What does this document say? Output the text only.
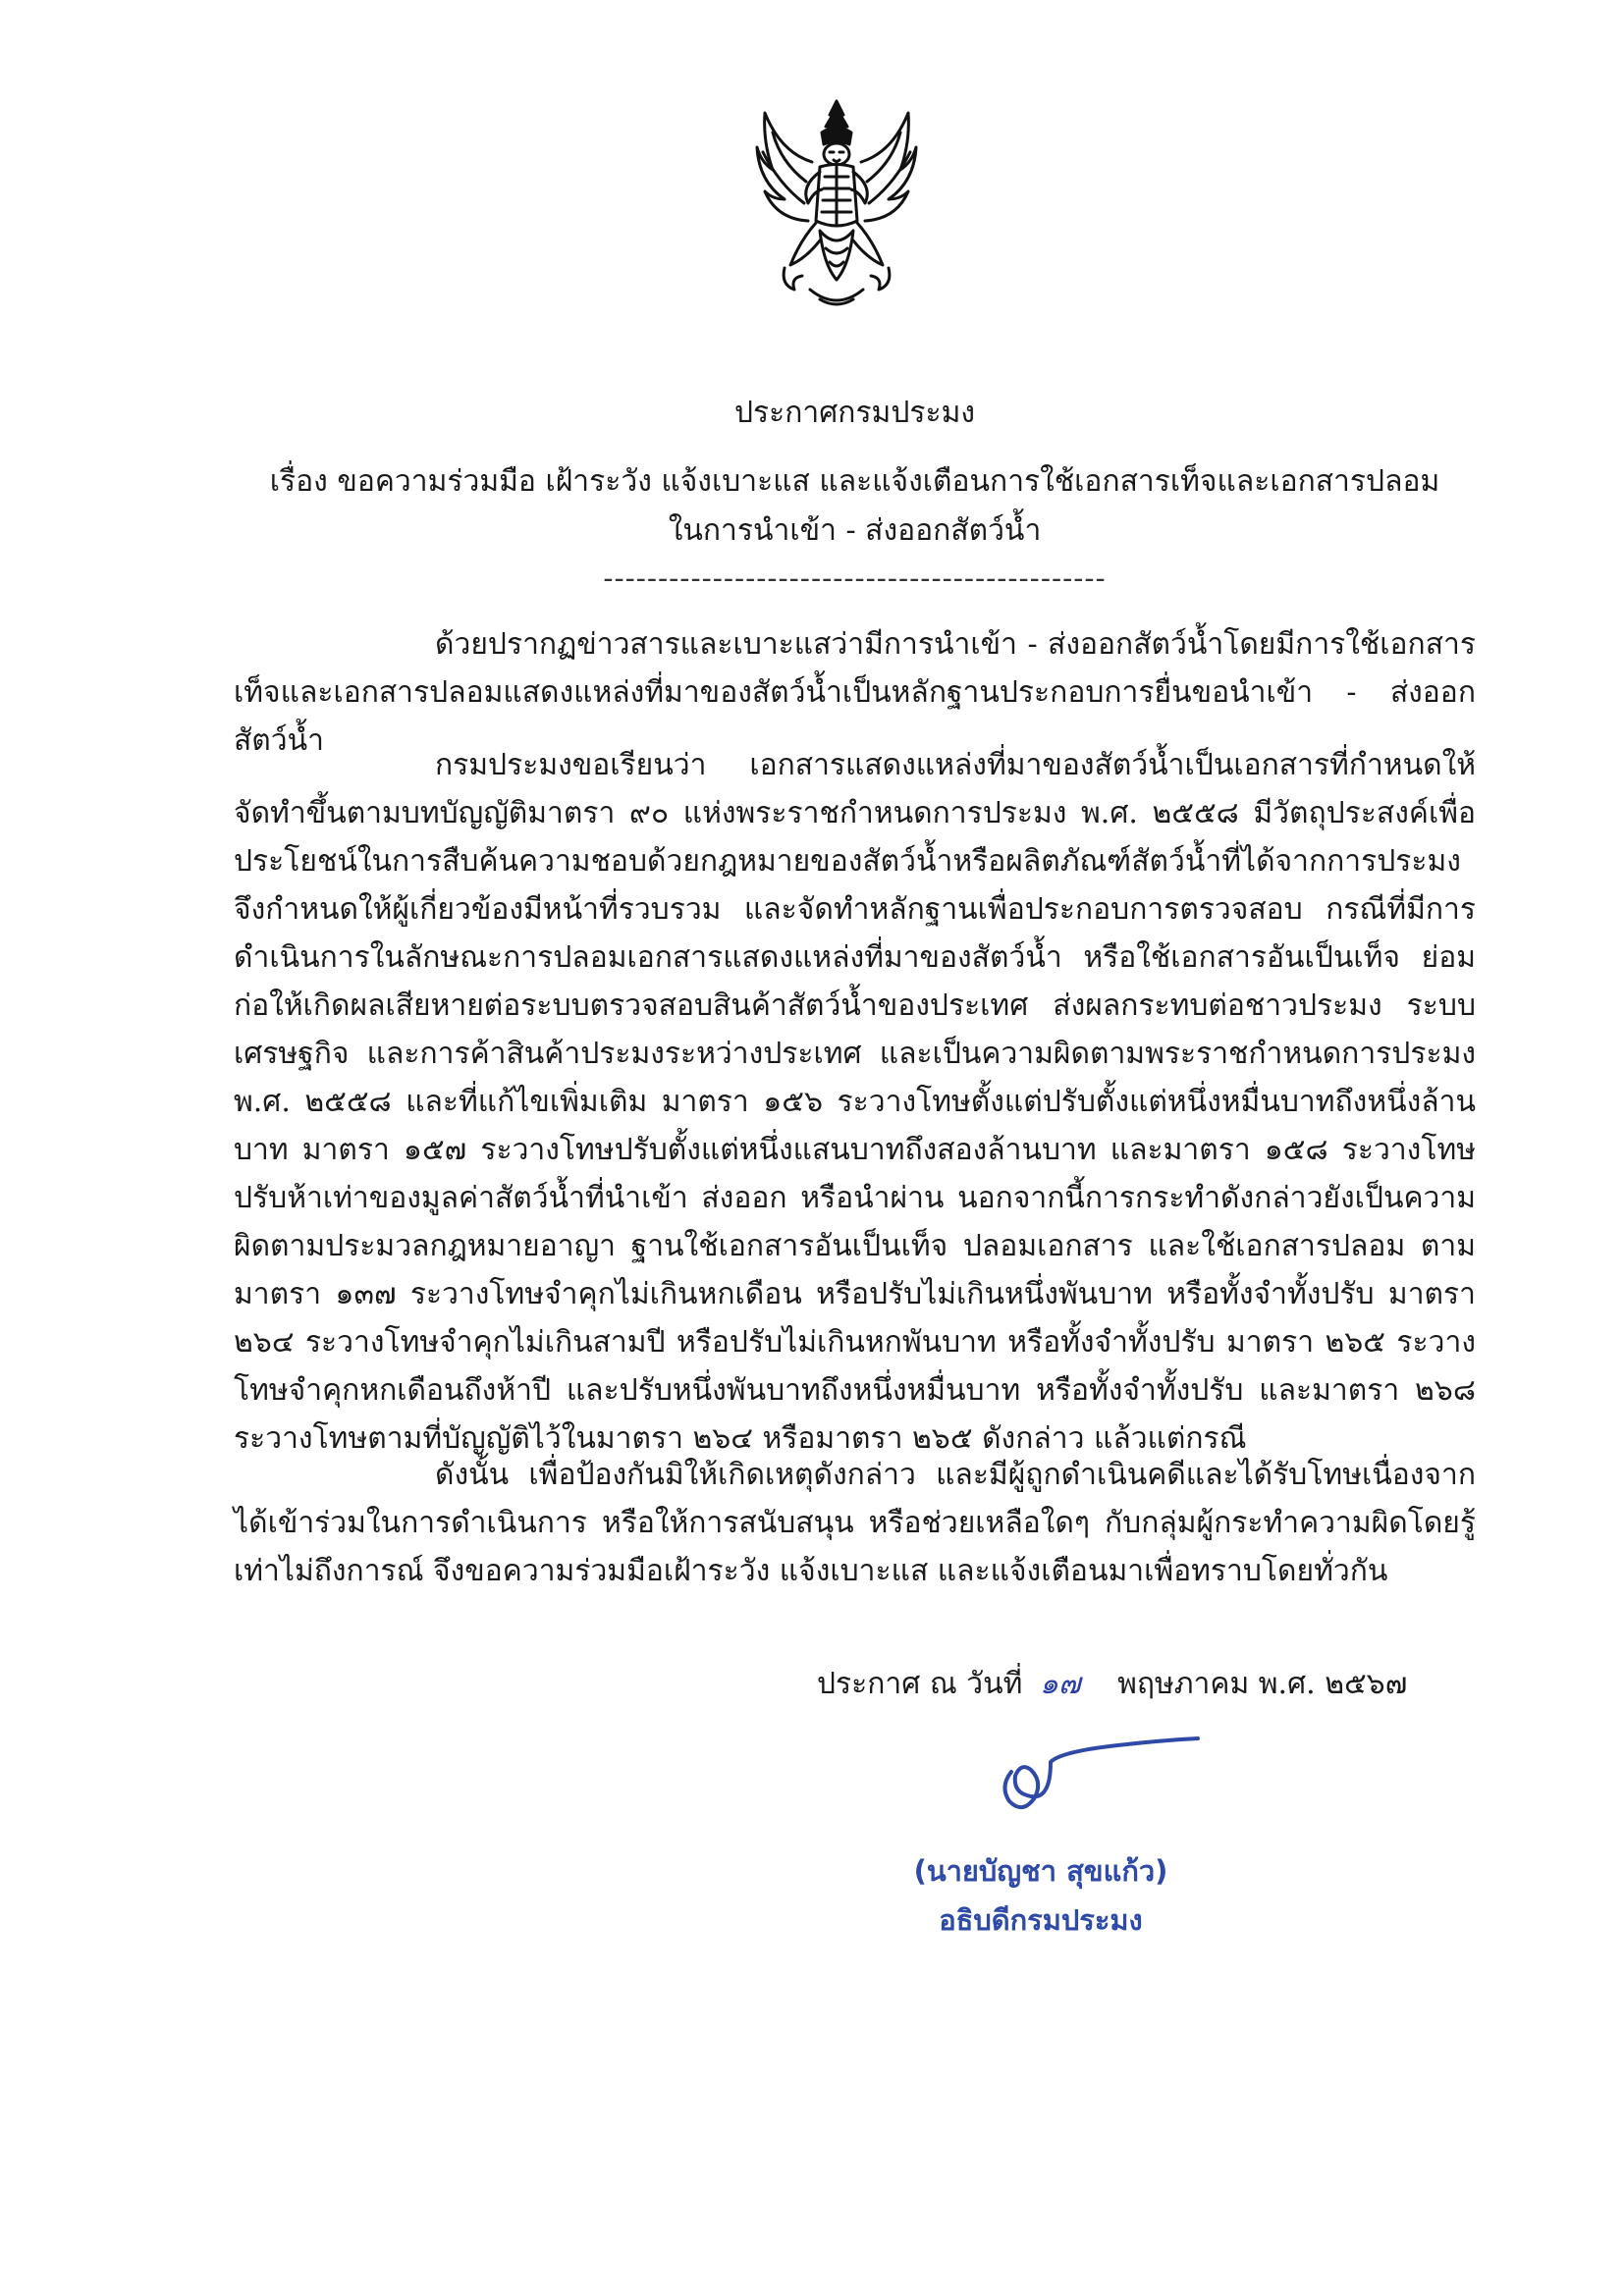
ประกาศกรมประมง
เรื่อง ขอความร่วมมือ เฝ้าระวัง แจ้งเบาะแส และแจ้งเตือนการใช้เอกสารเท็จและเอกสารปลอม
ในการนำเข้า - ส่งออกสัตว์น้ำ
----------------------------------------------

ด้วยปรากฏข่าวสารและเบาะแสว่ามีการนำเข้า - ส่งออกสัตว์น้ำโดยมีการใช้เอกสารเท็จและเอกสารปลอมแสดงแหล่งที่มาของสัตว์น้ำเป็นหลักฐานประกอบการยื่นขอนำเข้า - ส่งออกสัตว์น้ำ

กรมประมงขอเรียนว่า เอกสารแสดงแหล่งที่มาของสัตว์น้ำเป็นเอกสารที่กำหนดให้จัดทำขึ้นตามบทบัญญัติมาตรา ๙๐ แห่งพระราชกำหนดการประมง พ.ศ. ๒๕๕๘ มีวัตถุประสงค์เพื่อประโยชน์ในการสืบค้นความชอบด้วยกฎหมายของสัตว์น้ำหรือผลิตภัณฑ์สัตว์น้ำที่ได้จากการประมง จึงกำหนดให้ผู้เกี่ยวข้องมีหน้าที่รวบรวม และจัดทำหลักฐานเพื่อประกอบการตรวจสอบ กรณีที่มีการดำเนินการในลักษณะการปลอมเอกสารแสดงแหล่งที่มาของสัตว์น้ำ หรือใช้เอกสารอันเป็นเท็จ ย่อมก่อให้เกิดผลเสียหายต่อระบบตรวจสอบสินค้าสัตว์น้ำของประเทศ ส่งผลกระทบต่อชาวประมง ระบบเศรษฐกิจ และการค้าสินค้าประมงระหว่างประเทศ และเป็นความผิดตามพระราชกำหนดการประมง พ.ศ. ๒๕๕๘ และที่แก้ไขเพิ่มเติม มาตรา ๑๕๖ ระวางโทษตั้งแต่ปรับตั้งแต่หนึ่งหมื่นบาทถึงหนึ่งล้านบาท มาตรา ๑๕๗ ระวางโทษปรับตั้งแต่หนึ่งแสนบาทถึงสองล้านบาท และมาตรา ๑๕๘ ระวางโทษปรับห้าเท่าของมูลค่าสัตว์น้ำที่นำเข้า ส่งออก หรือนำผ่าน นอกจากนี้การกระทำดังกล่าวยังเป็นความผิดตามประมวลกฎหมายอาญา ฐานใช้เอกสารอันเป็นเท็จ ปลอมเอกสาร และใช้เอกสารปลอม ตามมาตรา ๑๓๗ ระวางโทษจำคุกไม่เกินหกเดือน หรือปรับไม่เกินหนึ่งพันบาท หรือทั้งจำทั้งปรับ มาตรา ๒๖๔ ระวางโทษจำคุกไม่เกินสามปี หรือปรับไม่เกินหกพันบาท หรือทั้งจำทั้งปรับ มาตรา ๒๖๕ ระวางโทษจำคุกหกเดือนถึงห้าปี และปรับหนึ่งพันบาทถึงหนึ่งหมื่นบาท หรือทั้งจำทั้งปรับ และมาตรา ๒๖๘ ระวางโทษตามที่บัญญัติไว้ในมาตรา ๒๖๔ หรือมาตรา ๒๖๕ ดังกล่าว แล้วแต่กรณี

ดังนั้น เพื่อป้องกันมิให้เกิดเหตุดังกล่าว และมีผู้ถูกดำเนินคดีและได้รับโทษเนื่องจากได้เข้าร่วมในการดำเนินการ หรือให้การสนับสนุน หรือช่วยเหลือใดๆ กับกลุ่มผู้กระทำความผิดโดยรู้เท่าไม่ถึงการณ์ จึงขอความร่วมมือเฝ้าระวัง แจ้งเบาะแส และแจ้งเตือนมาเพื่อทราบโดยทั่วกัน

ประกาศ ณ วันที่ ๑๗ พฤษภาคม พ.ศ. ๒๕๖๗
(นายบัญชา สุขแก้ว)
อธิบดีกรมประมง
